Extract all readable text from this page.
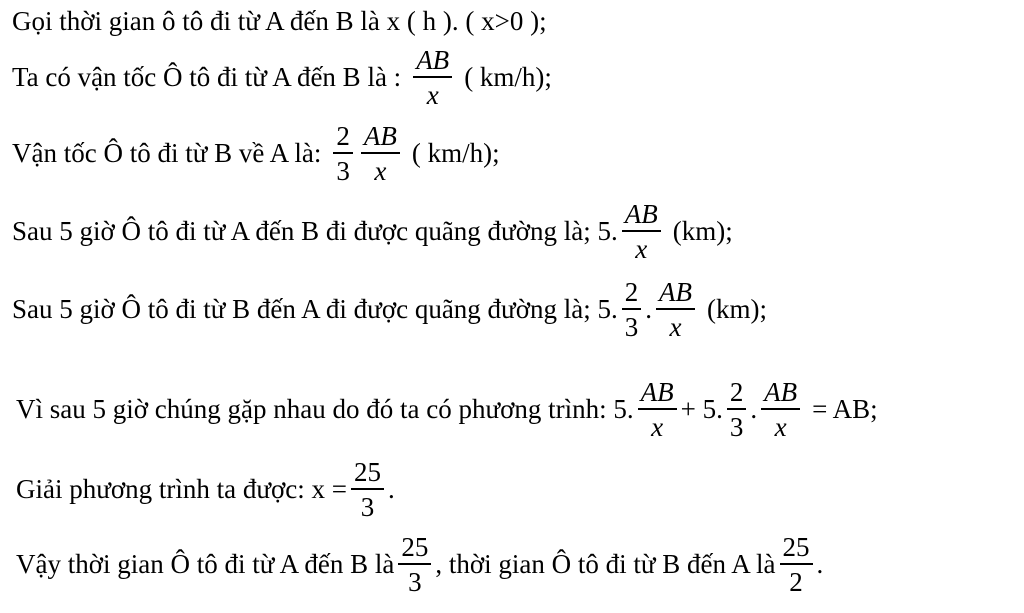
Gọi thời gian ô tô đi từ A đến B là x ( h ). ( x>0 );
Ta có vận tốc Ô tô đi từ A đến B là : $\frac{AB}{x}$ ( km/h);
Vận tốc Ô tô đi từ B về A là: $\frac{2}{3} \frac{AB}{x}$ ( km/h);
Sau 5 giờ Ô tô đi từ A đến B đi được quãng đường là; 5. $\frac{AB}{x} (km)$;
Sau 5 giờ Ô tô đi từ B đến A đi được quãng đường là; 5. $\frac{2}{3}$ . $\frac{AB}{x} (km)$;
Vì sau 5 giờ chúng gặp nhau do đó ta có phương trình: 5. $\frac{AB}{x} + 5$. $\frac{2}{3}$ . $\frac{AB}{x}$ = AB;
Giải phương trình ta được: $x = \frac{25}{3}$ .
Vậy thời gian Ô tô đi từ A đến B là $\frac{25}{3}$ , thời gian Ô tô đi từ B đến A là $\frac{25}{2}$ .
